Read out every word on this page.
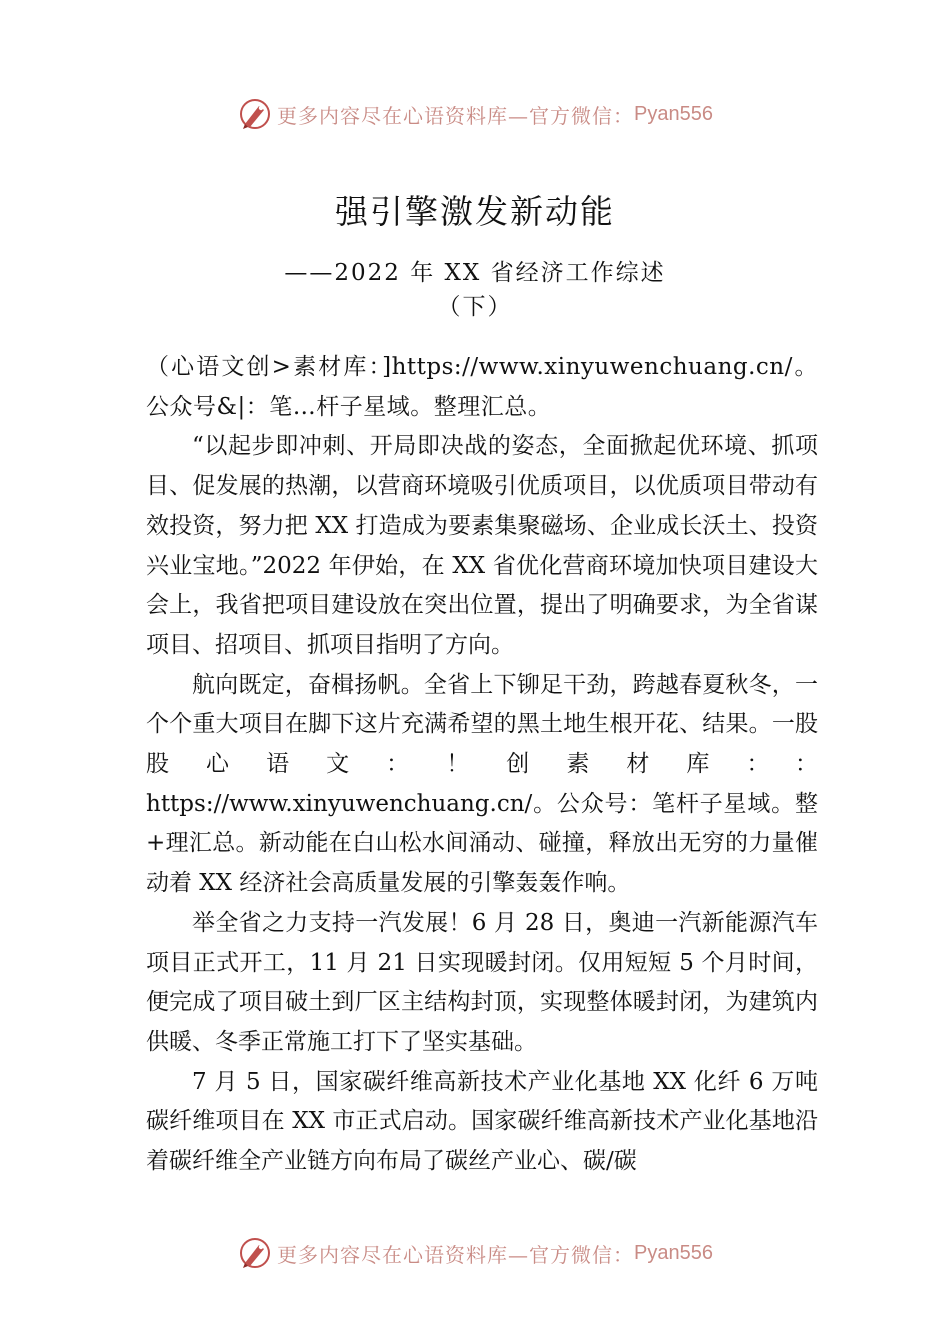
更多内容尽在心语资料库—官方微信： Pyan556
强引擎激发新动能
——2022 年 XX 省经济工作综述
（下）

（心语文创>素材库：]https://www.xinyuwenchuang.cn/。公众号&|：笔…杆子星域。整理汇总。

“以起步即冲刺、开局即决战的姿态，全面掀起优环境、抓项目、促发展的热潮，以营商环境吸引优质项目，以优质项目带动有效投资，努力把 XX 打造成为要素集聚磁场、企业成长沃土、投资兴业宝地。”2022 年伊始，在 XX 省优化营商环境加快项目建设大会上，我省把项目建设放在突出位置，提出了明确要求，为全省谋项目、招项目、抓项目指明了方向。

航向既定，奋楫扬帆。全省上下铆足干劲，跨越春夏秋冬，一个个重大项目在脚下这片充满希望的黑土地生根开花、结果。一股股心语文：！创素材库：：https://www.xinyuwenchuang.cn/。公众号：笔杆子星域。整+理汇总。新动能在白山松水间涌动、碰撞，释放出无穷的力量催动着 XX 经济社会高质量发展的引擎轰轰作响。

举全省之力支持一汽发展！6 月 28 日，奥迪一汽新能源汽车项目正式开工，11 月 21 日实现暖封闭。仅用短短 5 个月时间，便完成了项目破土到厂区主结构封顶，实现整体暖封闭，为建筑内供暖、冬季正常施工打下了坚实基础。

7 月 5 日，国家碳纤维高新技术产业化基地 XX 化纤 6 万吨碳纤维项目在 XX 市正式启动。国家碳纤维高新技术产业化基地沿着碳纤维全产业链方向布局了碳丝产业心、碳/碳

更多内容尽在心语资料库—官方微信： Pyan556
